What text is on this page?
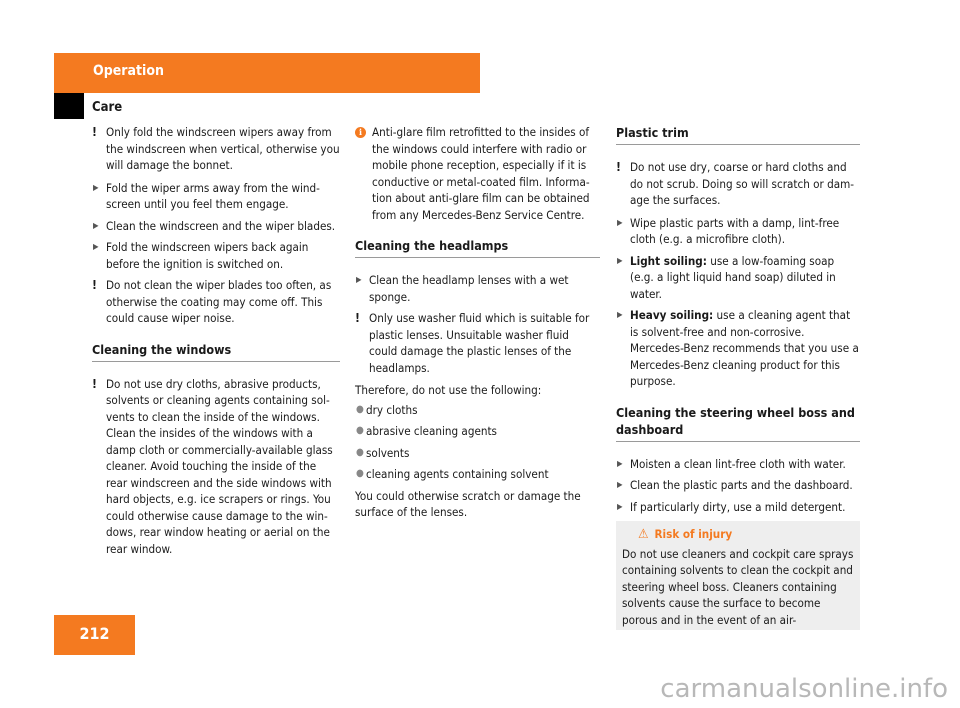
Operation
Care
! Only fold the windscreen wipers away from the windscreen when vertical, otherwise you will damage the bonnet.
▶ Fold the wiper arms away from the windscreen until you feel them engage.
▶ Clean the windscreen and the wiper blades.
▶ Fold the windscreen wipers back again before the ignition is switched on.
! Do not clean the wiper blades too often, as otherwise the coating may come off. This could cause wiper noise.
Cleaning the windows
! Do not use dry cloths, abrasive products, solvents or cleaning agents containing solvents to clean the inside of the windows. Clean the insides of the windows with a damp cloth or commercially-available glass cleaner. Avoid touching the inside of the rear windscreen and the side windows with hard objects, e.g. ice scrapers or rings. You could otherwise cause damage to the windows, rear window heating or aerial on the rear window.
i Anti-glare film retrofitted to the insides of the windows could interfere with radio or mobile phone reception, especially if it is conductive or metal-coated film. Information about anti-glare film can be obtained from any Mercedes-Benz Service Centre.
Cleaning the headlamps
▶ Clean the headlamp lenses with a wet sponge.
! Only use washer fluid which is suitable for plastic lenses. Unsuitable washer fluid could damage the plastic lenses of the headlamps.
Therefore, do not use the following:
● dry cloths
● abrasive cleaning agents
● solvents
● cleaning agents containing solvent
You could otherwise scratch or damage the surface of the lenses.
Plastic trim
! Do not use dry, coarse or hard cloths and do not scrub. Doing so will scratch or damage the surfaces.
▶ Wipe plastic parts with a damp, lint-free cloth (e.g. a microfibre cloth).
▶ Light soiling: use a low-foaming soap (e.g. a light liquid hand soap) diluted in water.
▶ Heavy soiling: use a cleaning agent that is solvent-free and non-corrosive. Mercedes-Benz recommends that you use a Mercedes-Benz cleaning product for this purpose.
Cleaning the steering wheel boss and dashboard
▶ Moisten a clean lint-free cloth with water.
▶ Clean the plastic parts and the dashboard.
▶ If particularly dirty, use a mild detergent.
⚠ Risk of injury
Do not use cleaners and cockpit care sprays containing solvents to clean the cockpit and steering wheel boss. Cleaners containing solvents cause the surface to become porous and in the event of an air-
212
carmanualsonline.info
